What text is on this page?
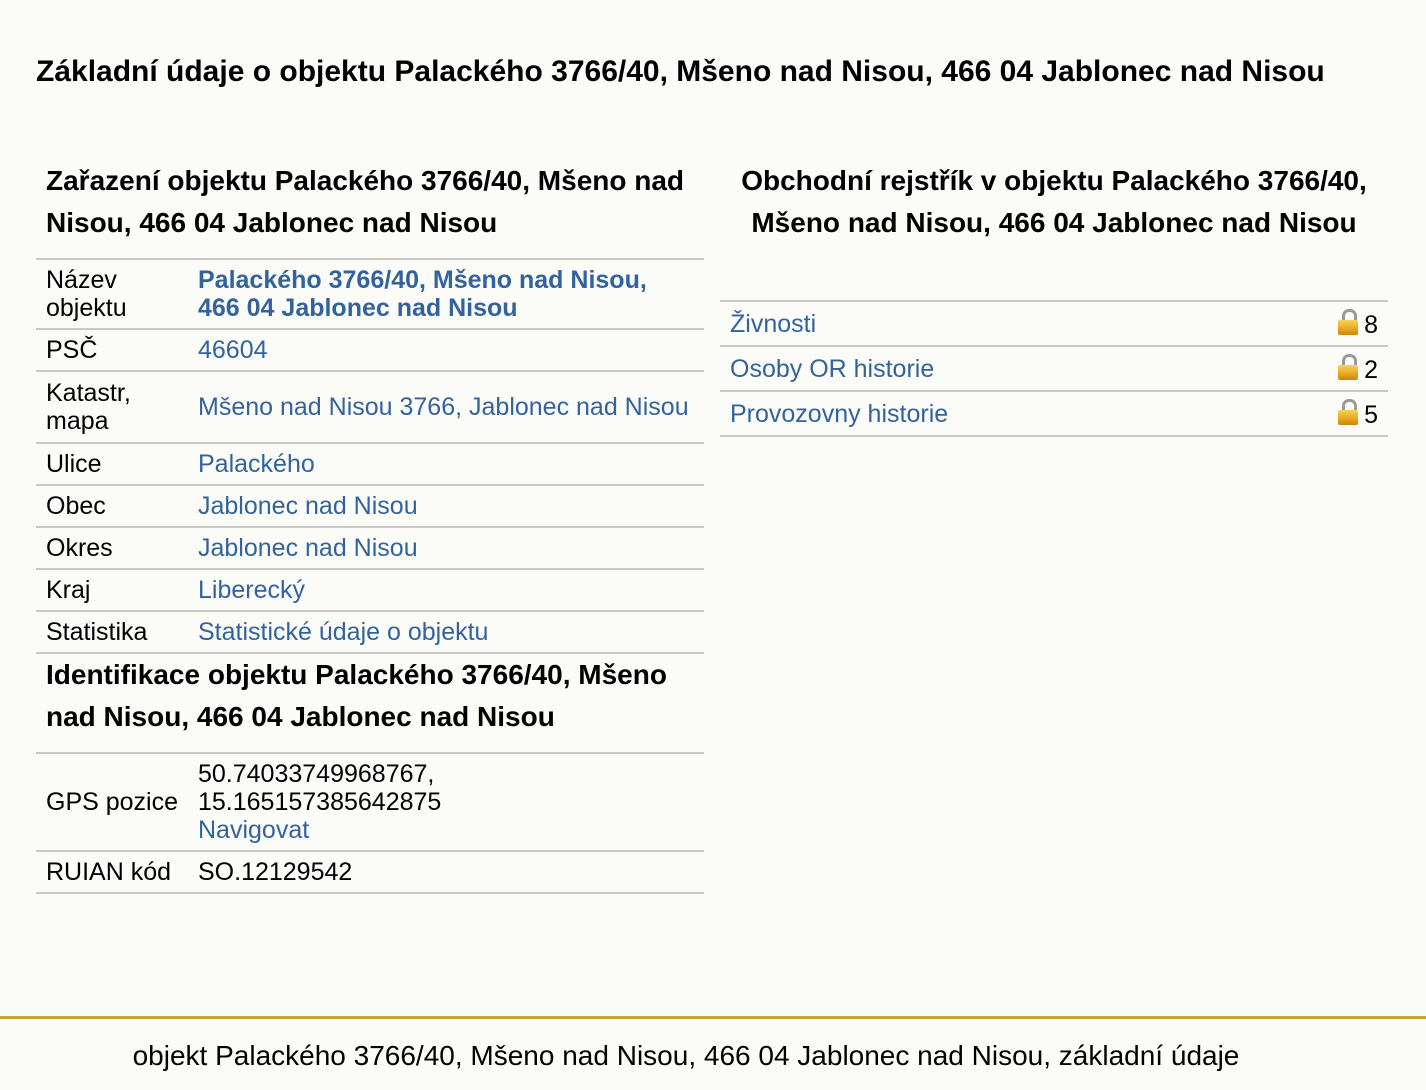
Základní údaje o objektu Palackého 3766/40, Mšeno nad Nisou, 466 04 Jablonec nad Nisou
Zařazení objektu Palackého 3766/40, Mšeno nad Nisou, 466 04 Jablonec nad Nisou
Název objektu	Palackého 3766/40, Mšeno nad Nisou, 466 04 Jablonec nad Nisou
PSČ	46604
Katastr, mapa	Mšeno nad Nisou 3766, Jablonec nad Nisou
Ulice	Palackého
Obec	Jablonec nad Nisou
Okres	Jablonec nad Nisou
Kraj	Liberecký
Statistika	Statistické údaje o objektu
Identifikace objektu Palackého 3766/40, Mšeno nad Nisou, 466 04 Jablonec nad Nisou
GPS pozice	50.74033749968767,
15.165157385642875
Navigovat
RUIAN kód	SO.12129542
Obchodní rejstřík v objektu Palackého 3766/40, Mšeno nad Nisou, 466 04 Jablonec nad Nisou
Živnosti	8
Osoby OR historie	2
Provozovny historie	5
objekt Palackého 3766/40, Mšeno nad Nisou, 466 04 Jablonec nad Nisou, základní údaje
